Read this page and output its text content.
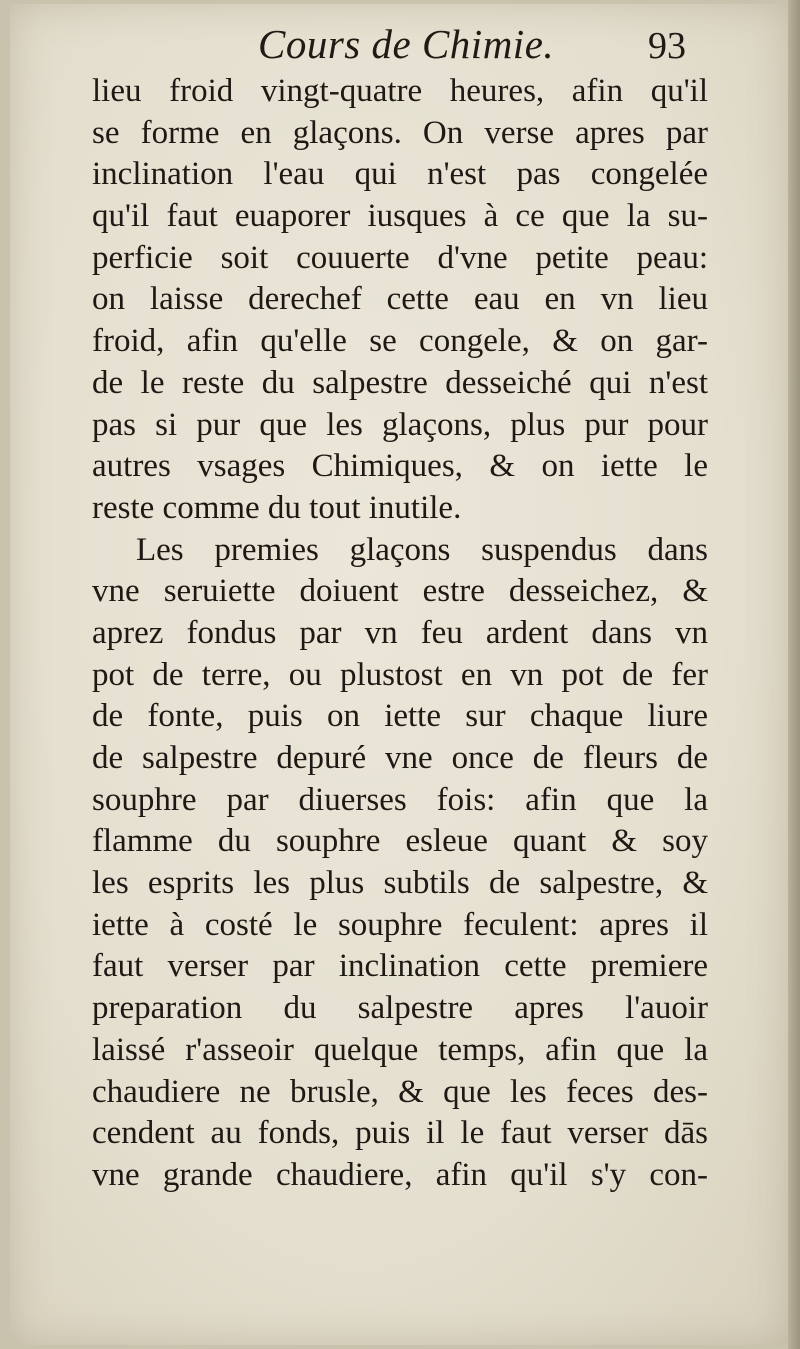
Cours de Chimie. 93
lieu froid vingt-quatre heures, afin qu'il
se forme en glaçons. On verse apres par
inclination l'eau qui n'est pas congelée
qu'il faut euaporer iusques à ce que la su-
perficie soit couuerte d'vne petite peau:
on laisse derechef cette eau en vn lieu
froid, afin qu'elle se congele, & on gar-
de le reste du salpestre desseiché qui n'est
pas si pur que les glaçons, plus pur pour
autres vsages Chimiques, & on iette le
reste comme du tout inutile.
Les premies glaçons suspendus dans
vne seruiette doiuent estre desseichez, &
aprez fondus par vn feu ardent dans vn
pot de terre, ou plustost en vn pot de fer
de fonte, puis on iette sur chaque liure
de salpestre depuré vne once de fleurs de
souphre par diuerses fois: afin que la
flamme du souphre esleue quant & soy
les esprits les plus subtils de salpestre, &
iette à costé le souphre feculent: apres il
faut verser par inclination cette premiere
preparation du salpestre apres l'auoir
laissé r'asseoir quelque temps, afin que la
chaudiere ne brusle, & que les feces des-
cendent au fonds, puis il le faut verser dās
vne grande chaudiere, afin qu'il s'y con-
